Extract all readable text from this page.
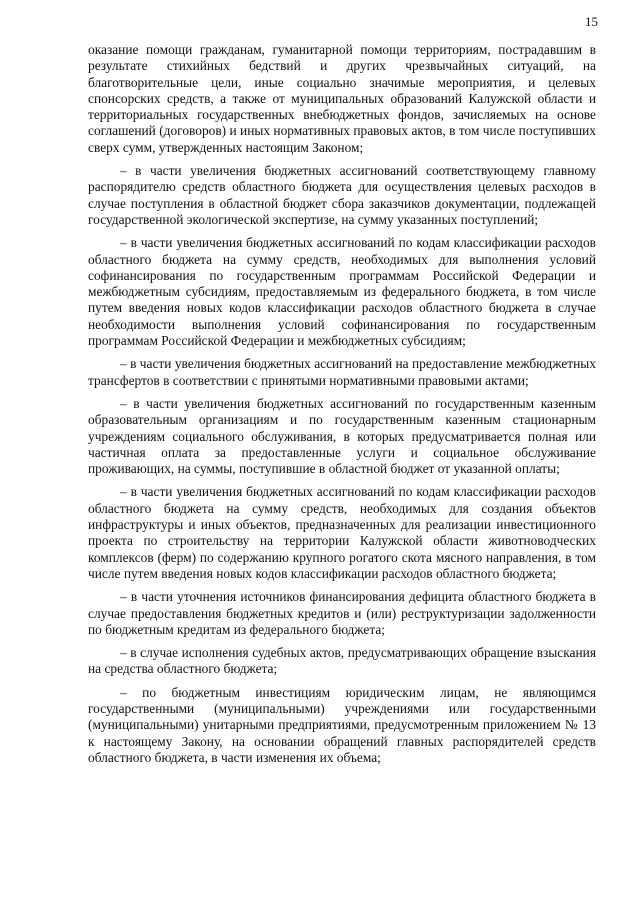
15

оказание помощи гражданам, гуманитарной помощи территориям, пострадавшим в результате стихийных бедствий и других чрезвычайных ситуаций, на благотворительные цели, иные социально значимые мероприятия, и целевых спонсорских средств, а также от муниципальных образований Калужской области и территориальных государственных внебюджетных фондов, зачисляемых на основе соглашений (договоров) и иных нормативных правовых актов, в том числе поступивших сверх сумм, утвержденных настоящим Законом;

– в части увеличения бюджетных ассигнований соответствующему главному распорядителю средств областного бюджета для осуществления целевых расходов в случае поступления в областной бюджет сбора заказчиков документации, подлежащей государственной экологической экспертизе, на сумму указанных поступлений;

– в части увеличения бюджетных ассигнований по кодам классификации расходов областного бюджета на сумму средств, необходимых для выполнения условий софинансирования по государственным программам Российской Федерации и межбюджетным субсидиям, предоставляемым из федерального бюджета, в том числе путем введения новых кодов классификации расходов областного бюджета в случае необходимости выполнения условий софинансирования по государственным программам Российской Федерации и межбюджетных субсидиям;

– в части увеличения бюджетных ассигнований на предоставление межбюджетных трансфертов в соответствии с принятыми нормативными правовыми актами;

– в части увеличения бюджетных ассигнований по государственным казенным образовательным организациям и по государственным казенным стационарным учреждениям социального обслуживания, в которых предусматривается полная или частичная оплата за предоставленные услуги и социальное обслуживание проживающих, на суммы, поступившие в областной бюджет от указанной оплаты;

– в части увеличения бюджетных ассигнований по кодам классификации расходов областного бюджета на сумму средств, необходимых для создания объектов инфраструктуры и иных объектов, предназначенных для реализации инвестиционного проекта по строительству на территории Калужской области животноводческих комплексов (ферм) по содержанию крупного рогатого скота мясного направления, в том числе путем введения новых кодов классификации расходов областного бюджета;

– в части уточнения источников финансирования дефицита областного бюджета в случае предоставления бюджетных кредитов и (или) реструктуризации задолженности по бюджетным кредитам из федерального бюджета;

– в случае исполнения судебных актов, предусматривающих обращение взыскания на средства областного бюджета;

– по бюджетным инвестициям юридическим лицам, не являющимся государственными (муниципальными) учреждениями или государственными (муниципальными) унитарными предприятиями, предусмотренным приложением № 13 к настоящему Закону, на основании обращений главных распорядителей средств областного бюджета, в части изменения их объема;
